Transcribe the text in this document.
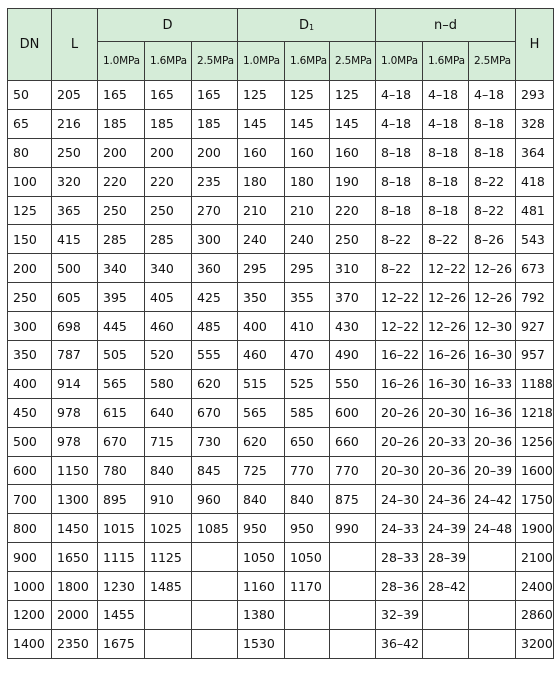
DN	L	D			$D_1$			n–d			H
		1.0MPa	1.6MPa	2.5MPa	1.0MPa	1.6MPa	2.5MPa	1.0MPa	1.6MPa	2.5MPa	
50	205	165	165	165	125	125	125	4–18	4–18	4–18	293
65	216	185	185	185	145	145	145	4–18	4–18	8–18	328
80	250	200	200	200	160	160	160	8–18	8–18	8–18	364
100	320	220	220	235	180	180	190	8–18	8–18	8–22	418
125	365	250	250	270	210	210	220	8–18	8–18	8–22	481
150	415	285	285	300	240	240	250	8–22	8–22	8–26	543
200	500	340	340	360	295	295	310	8–22	12–22	12–26	673
250	605	395	405	425	350	355	370	12–22	12–26	12–26	792
300	698	445	460	485	400	410	430	12–22	12–26	12–30	927
350	787	505	520	555	460	470	490	16–22	16–26	16–30	957
400	914	565	580	620	515	525	550	16–26	16–30	16–33	1188
450	978	615	640	670	565	585	600	20–26	20–30	16–36	1218
500	978	670	715	730	620	650	660	20–26	20–33	20–36	1256
600	1150	780	840	845	725	770	770	20–30	20–36	20–39	1600
700	1300	895	910	960	840	840	875	24–30	24–36	24–42	1750
800	1450	1015	1025	1085	950	950	990	24–33	24–39	24–48	1900
900	1650	1115	1125		1050	1050		28–33	28–39		2100
1000	1800	1230	1485		1160	1170		28–36	28–42		2400
1200	2000	1455			1380			32–39			2860
1400	2350	1675			1530			36–42			3200
